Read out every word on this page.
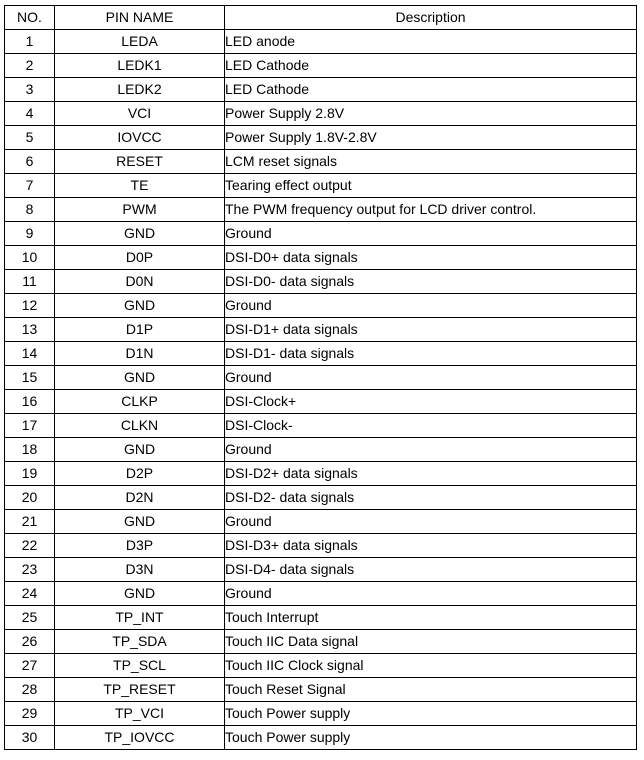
NO.	PIN NAME	Description
1	LEDA	LED anode
2	LEDK1	LED Cathode
3	LEDK2	LED Cathode
4	VCI	Power Supply 2.8V
5	IOVCC	Power Supply 1.8V-2.8V
6	RESET	LCM reset signals
7	TE	Tearing effect output
8	PWM	The PWM frequency output for LCD driver control.
9	GND	Ground
10	D0P	DSI-D0+ data signals
11	D0N	DSI-D0- data signals
12	GND	Ground
13	D1P	DSI-D1+ data signals
14	D1N	DSI-D1- data signals
15	GND	Ground
16	CLKP	DSI-Clock+
17	CLKN	DSI-Clock-
18	GND	Ground
19	D2P	DSI-D2+ data signals
20	D2N	DSI-D2- data signals
21	GND	Ground
22	D3P	DSI-D3+ data signals
23	D3N	DSI-D4- data signals
24	GND	Ground
25	TP_INT	Touch Interrupt
26	TP_SDA	Touch IIC Data signal
27	TP_SCL	Touch IIC Clock signal
28	TP_RESET	Touch Reset Signal
29	TP_VCI	Touch Power supply
30	TP_IOVCC	Touch Power supply
